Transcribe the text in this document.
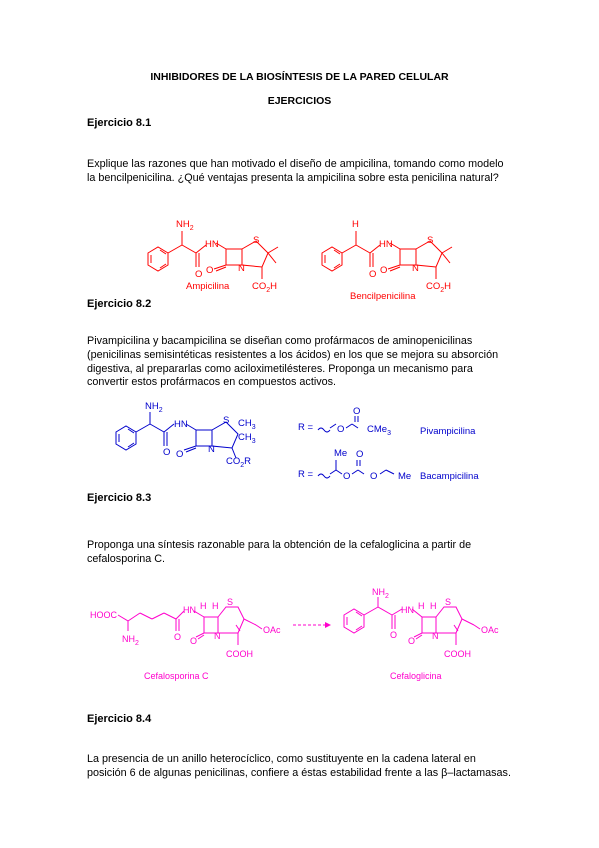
INHIBIDORES DE LA BIOSÍNTESIS DE LA PARED CELULAR
EJERCICIOS
Ejercicio 8.1
Explique las razones que han motivado el diseño de ampicilina, tomando como modelo
la bencilpenicilina. ¿Qué ventajas presenta la ampicilina sobre esta penicilina natural?
$NH_2$
HN	S
N
O O
$CO_2H$
Ampicilina
H
HN	S
N
O O
$CO_2H$
Bencilpenicilina
Ejercicio 8.2
Pivampicilina y bacampicilina se diseñan como profármacos de aminopenicilinas
(penicilinas semisintéticas resistentes a los ácidos) en los que se mejora su absorción
digestiva, al prepararlas como aciloximetilésteres. Proponga un mecanismo para
convertir estos profármacos en compuestos activos.
$NH_2$
HN	S
N
O O
$CH_3$
$CH_3$
$CO_2R$
R =
O
O CMe$_3$	Pivampicilina
R =
Me
O
O
O Me Bacampicilina
Ejercicio 8.3
Proponga una síntesis razonable para la obtención de la cefaloglicina a partir de
cefalosporina C.
HOOC
$NH_2$
HN H H S
N
O O
OAc
COOH
Cefalosporina C
$NH_2$
HN H H S
N
O
O
OAc
COOH
Cefaloglicina
Ejercicio 8.4
La presencia de un anillo heterocíclico, como sustituyente en la cadena lateral en
posición 6 de algunas penicilinas, confiere a éstas estabilidad frente a las β–lactamasas.
